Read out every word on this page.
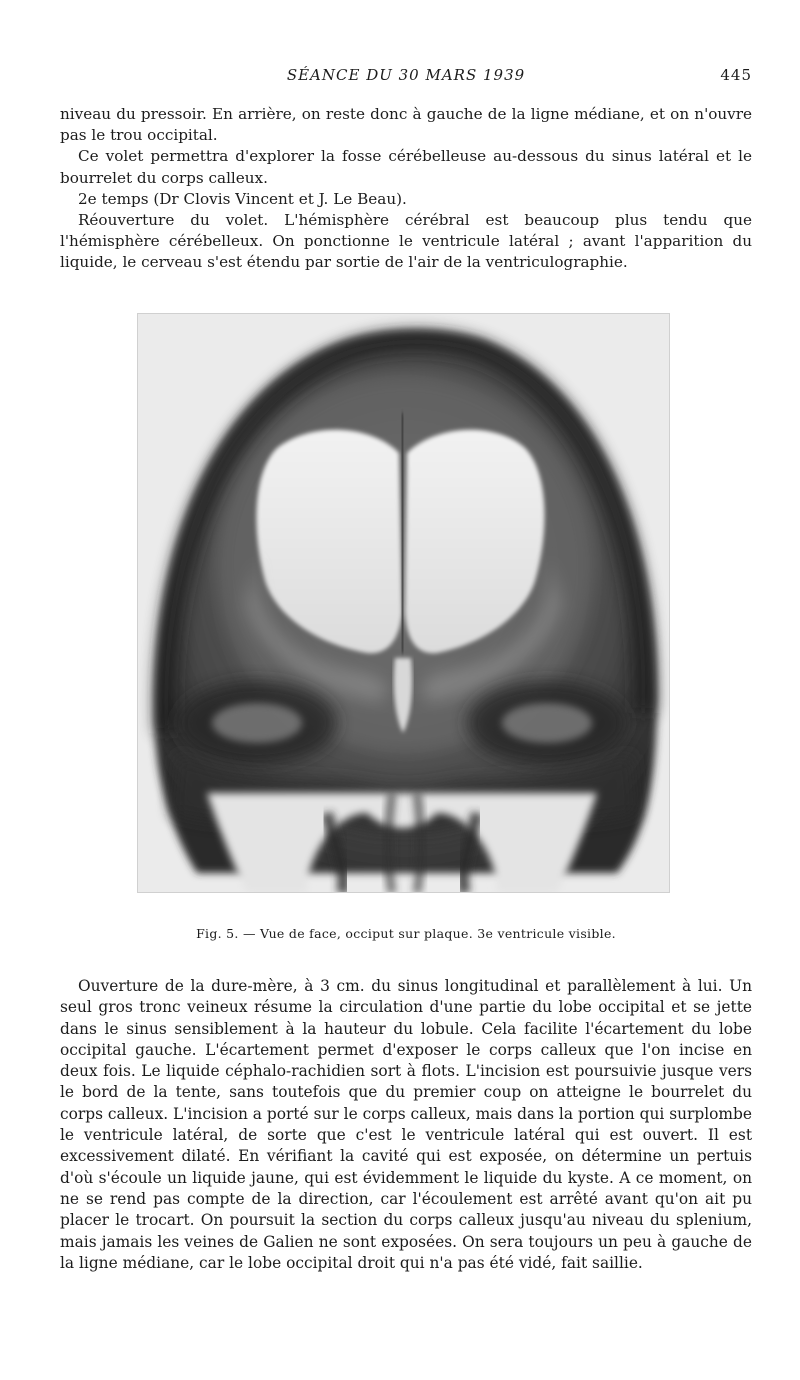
SÉANCE DU 30 MARS 1939	445

niveau du pressoir. En arrière, on reste donc à gauche de la ligne médiane, et on n'ouvre pas le trou occipital.

Ce volet permettra d'explorer la fosse cérébelleuse au-dessous du sinus latéral et le bourrelet du corps calleux.

2e temps (Dr Clovis Vincent et J. Le Beau).

Réouverture du volet. L'hémisphère cérébral est beaucoup plus tendu que l'hémisphère cérébelleux. On ponctionne le ventricule latéral ; avant l'apparition du liquide, le cerveau s'est étendu par sortie de l'air de la ventriculographie.

Fig. 5. — Vue de face, occiput sur plaque. 3e ventricule visible.

Ouverture de la dure-mère, à 3 cm. du sinus longitudinal et parallèlement à lui. Un seul gros tronc veineux résume la circulation d'une partie du lobe occipital et se jette dans le sinus sensiblement à la hauteur du lobule. Cela facilite l'écartement du lobe occipital gauche. L'écartement permet d'exposer le corps calleux que l'on incise en deux fois. Le liquide céphalo-rachidien sort à flots. L'incision est poursuivie jusque vers le bord de la tente, sans toutefois que du premier coup on atteigne le bourrelet du corps calleux. L'incision a porté sur le corps calleux, mais dans la portion qui surplombe le ventricule latéral, de sorte que c'est le ventricule latéral qui est ouvert. Il est excessivement dilaté. En vérifiant la cavité qui est exposée, on détermine un pertuis d'où s'écoule un liquide jaune, qui est évidemment le liquide du kyste. A ce moment, on ne se rend pas compte de la direction, car l'écoulement est arrêté avant qu'on ait pu placer le trocart. On poursuit la section du corps calleux jusqu'au niveau du splenium, mais jamais les veines de Galien ne sont exposées. On sera toujours un peu à gauche de la ligne médiane, car le lobe occipital droit qui n'a pas été vidé, fait saillie.
